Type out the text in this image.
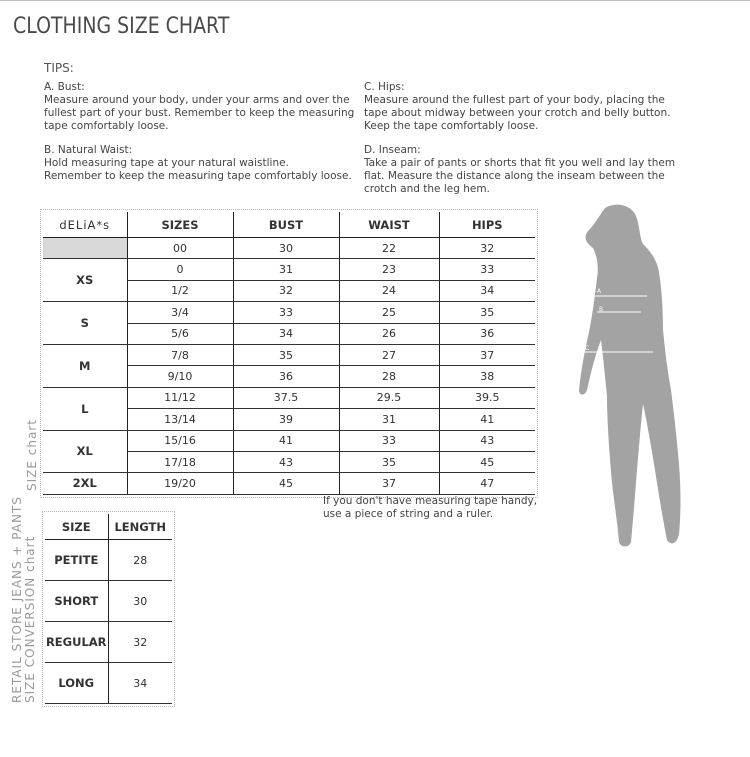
CLOTHING SIZE CHART
TIPS:
A. Bust:
Measure around your body, under your arms and over the
fullest part of your bust. Remember to keep the measuring
tape comfortably loose.
B. Natural Waist:
Hold measuring tape at your natural waistline.
Remember to keep the measuring tape comfortably loose.
C. Hips:
Measure around the fullest part of your body, placing the
tape about midway between your crotch and belly button.
Keep the tape comfortably loose.
D. Inseam:
Take a pair of pants or shorts that fit you well and lay them
flat. Measure the distance along the inseam between the
crotch and the leg hem.
dELiA*s	SIZES	BUST	WAIST	HIPS
	00	30	22	32
XS	0	31	23	33
	1/2	32	24	34
S	3/4	33	25	35
	5/6	34	26	36
M	7/8	35	27	37
	9/10	36	28	38
L	11/12	37.5	29.5	39.5
	13/14	39	31	41
XL	15/16	41	33	43
	17/18	43	35	45
2XL	19/20	45	37	47
SIZE chart
If you don't have measuring tape handy,
use a piece of string and a ruler.
SIZE	LENGTH
PETITE	28
SHORT	30
REGULAR	32
LONG	34
RETAIL STORE JEANS + PANTS SIZE CONVERSION chart
A
B
C
D
